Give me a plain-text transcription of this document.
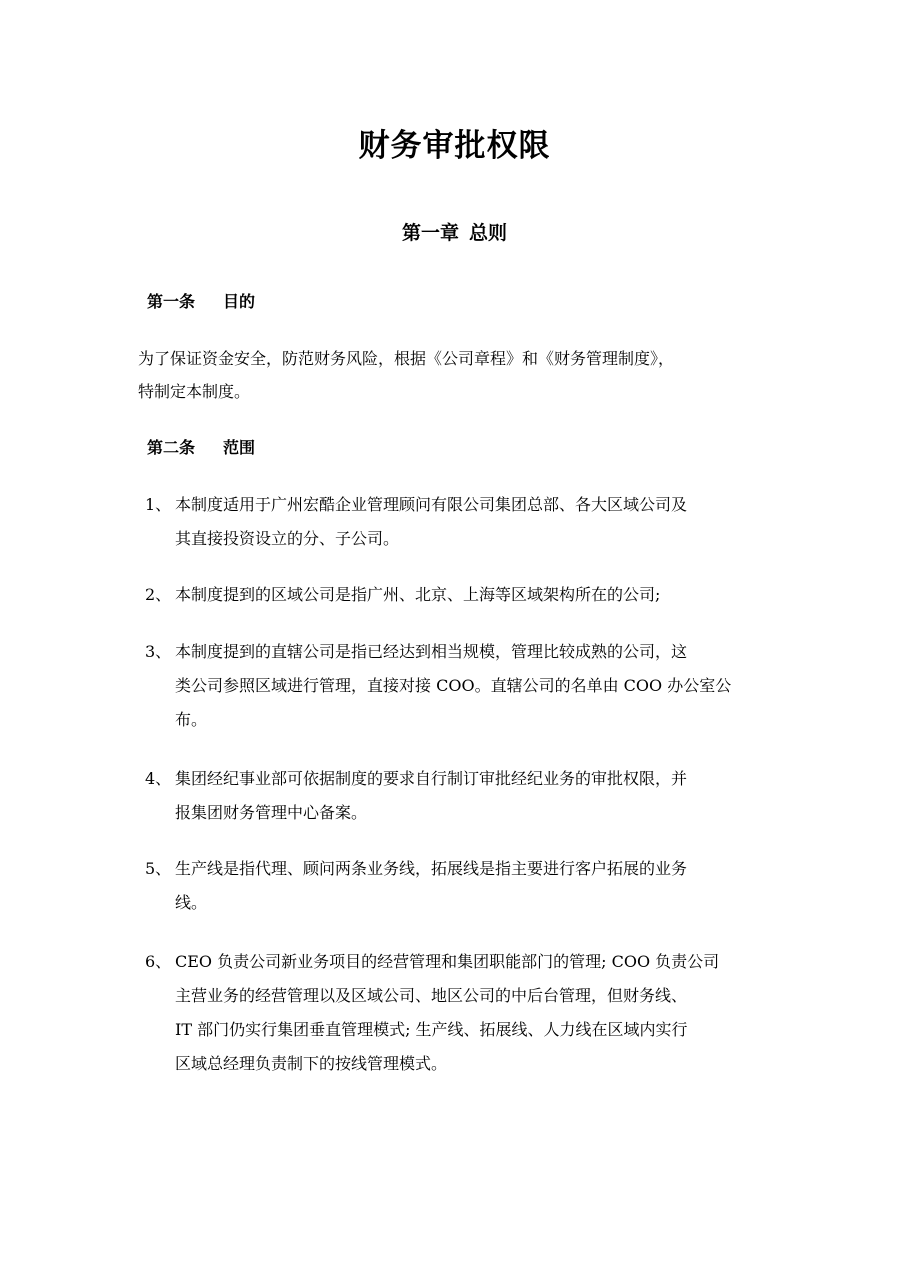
财务审批权限
第一章 总则
第一条 目的
为了保证资金安全，防范财务风险，根据《公司章程》和《财务管理制度》，
特制定本制度。
第二条 范围
1、 本制度适用于广州宏酷企业管理顾问有限公司集团总部、各大区域公司及
其直接投资设立的分、子公司。
2、 本制度提到的区域公司是指广州、北京、上海等区域架构所在的公司;
3、 本制度提到的直辖公司是指已经达到相当规模，管理比较成熟的公司，这
类公司参照区域进行管理，直接对接 COO。直辖公司的名单由 COO 办公室公
布。
4、 集团经纪事业部可依据制度的要求自行制订审批经纪业务的审批权限，并
报集团财务管理中心备案。
5、 生产线是指代理、顾问两条业务线，拓展线是指主要进行客户拓展的业务
线。
6、 CEO 负责公司新业务项目的经营管理和集团职能部门的管理; COO 负责公司
主营业务的经营管理以及区域公司、地区公司的中后台管理，但财务线、
IT 部门仍实行集团垂直管理模式; 生产线、拓展线、人力线在区域内实行
区域总经理负责制下的按线管理模式。
